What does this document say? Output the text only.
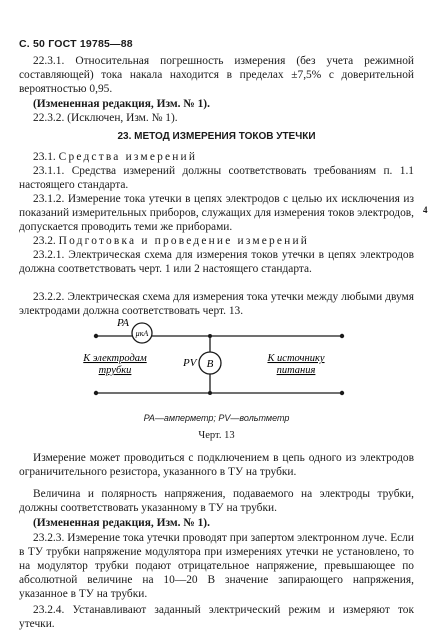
С. 50 ГОСТ 19785—88

22.3.1. Относительная погрешность измерения (без учета режимной составляющей) тока накала находится в пределах ±7,5% с доверительной вероятностью 0,95.

(Измененная редакция, Изм. № 1).

22.3.2. (Исключен, Изм. № 1).

23. МЕТОД ИЗМЕРЕНИЯ ТОКОВ УТЕЧКИ

23.1. Средства измерений

23.1.1. Средства измерений должны соответствовать требованиям п. 1.1 настоящего стандарта.

23.1.2. Измерение тока утечки в цепях электродов с целью их исключения из показаний измерительных приборов, служащих для измерения токов электродов, допускается проводить теми же приборами.

23.2. Подготовка и проведение измерений

23.2.1. Электрическая схема для измерения токов утечки в цепях электродов должна соответствовать черт. 1 или 2 настоящего стандарта.

23.2.2. Электрическая схема для измерения тока утечки между любыми двумя электродами должна соответствовать черт. 13.

4
PA
μкA
PV B
К электродам
трубки
К источнику
питания
PA—амперметр; PV—вольтметр
Черт. 13

Измерение может проводиться с подключением в цепь одного из электродов ограничительного резистора, указанного в ТУ на трубки.

Величина и полярность напряжения, подаваемого на электроды трубки, должны соответствовать указанному в ТУ на трубки.

(Измененная редакция, Изм. № 1).

23.2.3. Измерение тока утечки проводят при запертом электронном луче. Если в ТУ трубки напряжение модулятора при измерениях утечки не установлено, то на модулятор трубки подают отрицательное напряжение, превышающее по абсолютной величине на 10—20 В значение запирающего напряжения, указанное в ТУ на трубки.

23.2.4. Устанавливают заданный электрический режим и измеряют ток утечки.
